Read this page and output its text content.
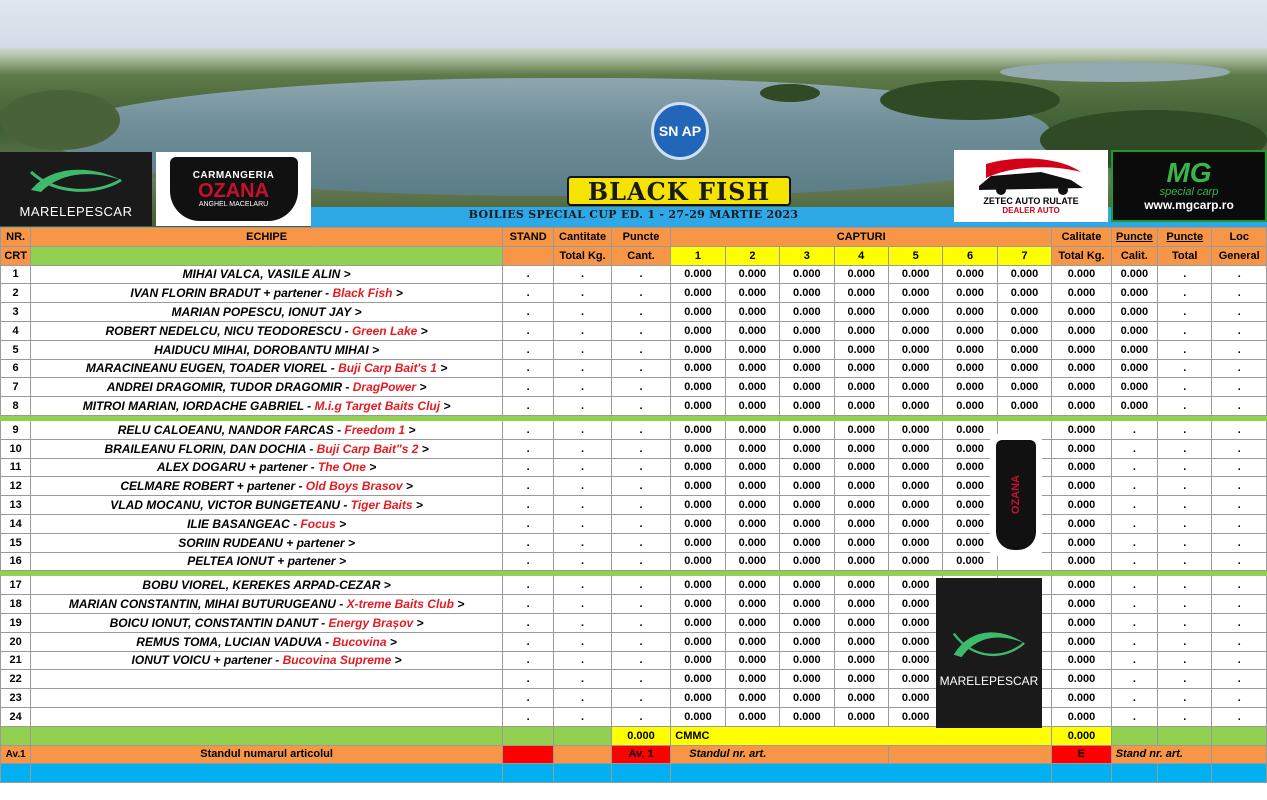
MARELEPESCAR
CARMANGERIA
OZANA
ANGHEL MACELARU
SN AP
BLACK FISH	ZETEC AUTO RULATE
DEALER AUTO
MG
special carp
www.mgcarp.ro
BOILIES SPECIAL CUP ED. 1 - 27-29 MARTIE 2023
NR.	ECHIPE	STAND	Cantitate	Puncte	CAPTURI							Calitate	Puncte	Puncte	Loc
CRT			Total Kg.	Cant.	1	2	3	4	5	6	7	Total Kg.	Calit.	Total	General
1	MIHAI VALCA, VASILE ALIN >	.	.	.	0.000	0.000	0.000	0.000	0.000	0.000	0.000	0.000	0.000	.	.
2	IVAN FLORIN BRADUT + partener - Black Fish >	.	.	.	0.000	0.000	0.000	0.000	0.000	0.000	0.000	0.000	0.000	.	.
3	MARIAN POPESCU, IONUT JAY >	.	.	.	0.000	0.000	0.000	0.000	0.000	0.000	0.000	0.000	0.000	.	.
4	ROBERT NEDELCU, NICU TEODORESCU - Green Lake >	.	.	.	0.000	0.000	0.000	0.000	0.000	0.000	0.000	0.000	0.000	.	.
5	HAIDUCU MIHAI, DOROBANTU MIHAI >	.	.	.	0.000	0.000	0.000	0.000	0.000	0.000	0.000	0.000	0.000	.	.
6	MARACINEANU EUGEN, TOADER VIOREL - Buji Carp Bait's 1 >	.	.	.	0.000	0.000	0.000	0.000	0.000	0.000	0.000	0.000	0.000	.	.
7	ANDREI DRAGOMIR, TUDOR DRAGOMIR - DragPower >	.	.	.	0.000	0.000	0.000	0.000	0.000	0.000	0.000	0.000	0.000	.	.
8	MITROI MARIAN, IORDACHE GABRIEL - M.i.g Target Baits Cluj >	.	.	.	0.000	0.000	0.000	0.000	0.000	0.000	0.000	0.000	0.000	.	.

9	RELU CALOEANU, NANDOR FARCAS - Freedom 1 >	.	.	.	0.000	0.000	0.000	0.000	0.000	0.000		0.000	.	.	.
10	BRAILEANU FLORIN, DAN DOCHIA - Buji Carp Bait"s 2 >	.	.	.	0.000	0.000	0.000	0.000	0.000	0.000		0.000	.	.	.
11	ALEX DOGARU + partener - The One >	.	.	.	0.000	0.000	0.000	0.000	0.000	0.000		0.000	.	.	.
12	CELMARE ROBERT + partener - Old Boys Brasov >	.	.	.	0.000	0.000	0.000	0.000	0.000	0.000		0.000	.	.	.
13	VLAD MOCANU, VICTOR BUNGETEANU - Tiger Baits >	.	.	.	0.000	0.000	0.000	0.000	0.000	0.000		0.000	.	.	.
14	ILIE BASANGEAC - Focus >	.	.	.	0.000	0.000	0.000	0.000	0.000	0.000		0.000	.	.	.
15	SORIIN RUDEANU + partener >	.	.	.	0.000	0.000	0.000	0.000	0.000	0.000		0.000	.	.	.
16	PELTEA IONUT + partener >	.	.	.	0.000	0.000	0.000	0.000	0.000	0.000		0.000	.	.	.

17	BOBU VIOREL, KEREKES ARPAD-CEZAR >	.	.	.	0.000	0.000	0.000	0.000	0.000			0.000	.	.	.
18	MARIAN CONSTANTIN, MIHAI BUTURUGEANU - X-treme Baits Club >	.	.	.	0.000	0.000	0.000	0.000	0.000			0.000	.	.	.
19	BOICU IONUT, CONSTANTIN DANUT - Energy Brașov >	.	.	.	0.000	0.000	0.000	0.000	0.000			0.000	.	.	.
20	REMUS TOMA, LUCIAN VADUVA - Bucovina >	.	.	.	0.000	0.000	0.000	0.000	0.000			0.000	.	.	.
21	IONUT VOICU + partener - Bucovina Supreme >	.	.	.	0.000	0.000	0.000	0.000	0.000			0.000	.	.	.
22		.	.	.	0.000	0.000	0.000	0.000	0.000			0.000	.	.	.
23		.	.	.	0.000	0.000	0.000	0.000	0.000			0.000	.	.	.
24		.	.	.	0.000	0.000	0.000	0.000	0.000			0.000	.	.	.
				0.000	CMMC							0.000			
Av.1	Standul numarul articolul			Av. 1	Standul nr. art.							E	Stand nr. art.		

OZANA
MARELEPESCAR
